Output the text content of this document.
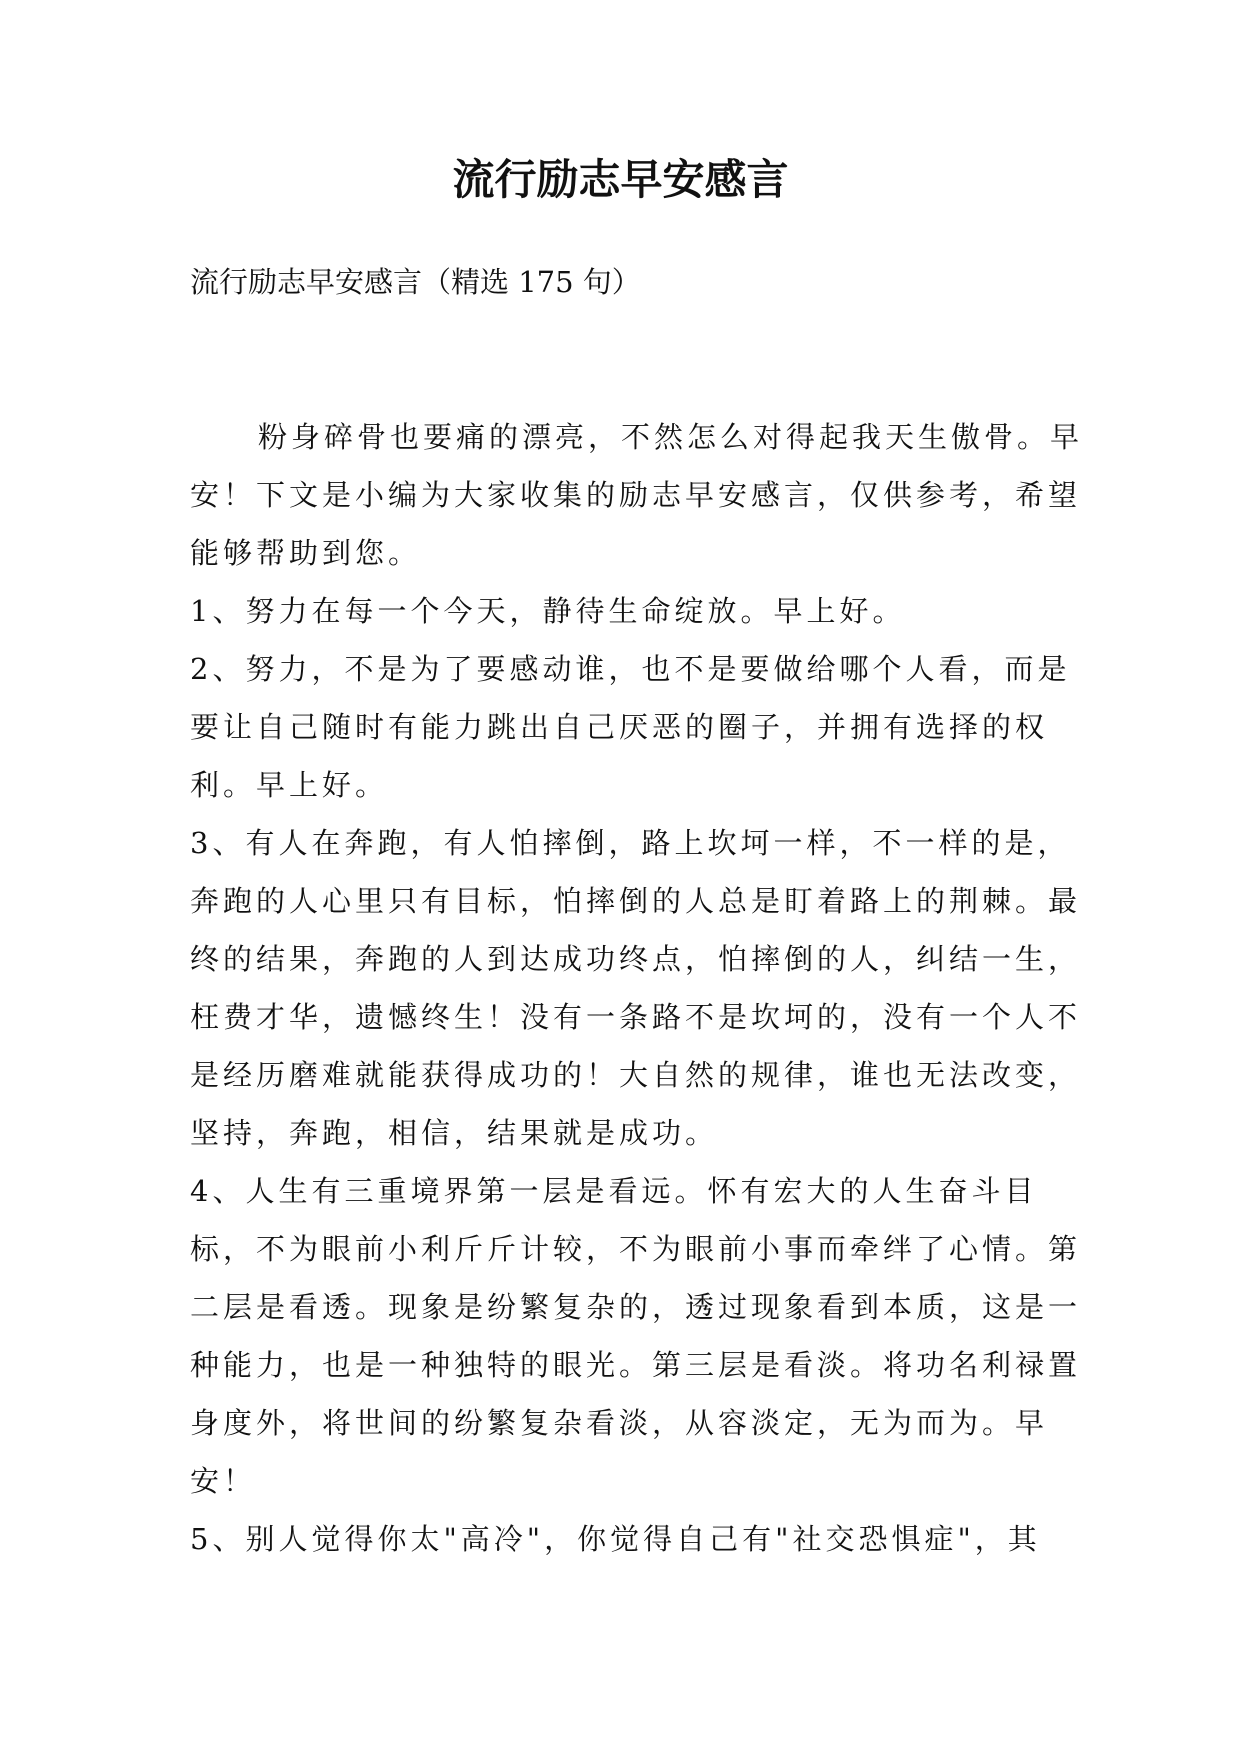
流行励志早安感言
流行励志早安感言（精选 175 句）

粉身碎骨也要痛的漂亮，不然怎么对得起我天生傲骨。早安！下文是小编为大家收集的励志早安感言，仅供参考，希望能够帮助到您。

1、努力在每一个今天，静待生命绽放。早上好。

2、努力，不是为了要感动谁，也不是要做给哪个人看，而是要让自己随时有能力跳出自己厌恶的圈子，并拥有选择的权利。早上好。

3、有人在奔跑，有人怕摔倒，路上坎坷一样，不一样的是，奔跑的人心里只有目标，怕摔倒的人总是盯着路上的荆棘。最终的结果，奔跑的人到达成功终点，怕摔倒的人，纠结一生，枉费才华，遗憾终生！没有一条路不是坎坷的，没有一个人不是经历磨难就能获得成功的！大自然的规律，谁也无法改变，坚持，奔跑，相信，结果就是成功。

4、人生有三重境界第一层是看远。怀有宏大的人生奋斗目标，不为眼前小利斤斤计较，不为眼前小事而牵绊了心情。第二层是看透。现象是纷繁复杂的，透过现象看到本质，这是一种能力，也是一种独特的眼光。第三层是看淡。将功名利禄置身度外，将世间的纷繁复杂看淡，从容淡定，无为而为。早安！

5、别人觉得你太"高冷"，你觉得自己有"社交恐惧症"，其
